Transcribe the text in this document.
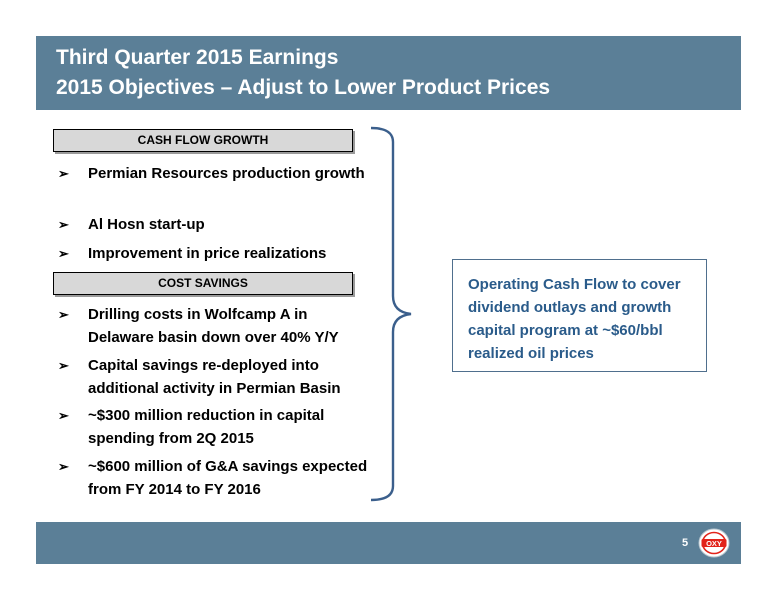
Third Quarter 2015 Earnings
2015 Objectives – Adjust to Lower Product Prices
CASH FLOW GROWTH
➢ Permian Resources production growth
➢ Al Hosn start-up
➢ Improvement in price realizations
COST SAVINGS
➢ Drilling costs in Wolfcamp A in Delaware basin down over 40% Y/Y
➢ Capital savings re-deployed into additional activity in Permian Basin
➢ ~$300 million reduction in capital spending from 2Q 2015
➢ ~$600 million of G&A savings expected from FY 2014 to FY 2016
Operating Cash Flow to cover dividend outlays and growth capital program at ~$60/bbl realized oil prices
5 OXY
